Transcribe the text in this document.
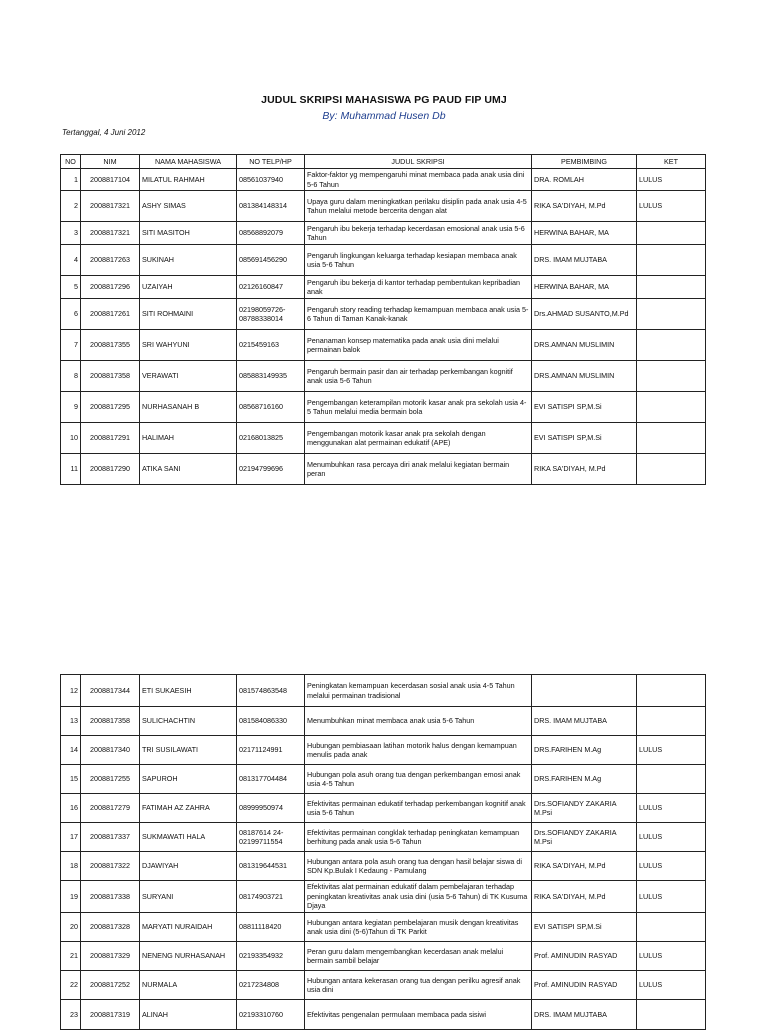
JUDUL SKRIPSI MAHASISWA PG PAUD FIP UMJ
By: Muhammad Husen Db
Tertanggal, 4 Juni 2012
NO	NIM	NAMA MAHASISWA	NO TELP/HP	JUDUL SKRIPSI	PEMBIMBING	KET
1	2008817104	MILATUL RAHMAH	08561037940	Faktor-faktor yg mempengaruhi minat membaca pada anak usia dini 5-6 Tahun	DRA. ROMLAH	LULUS
2	2008817321	ASHY SIMAS	081384148314	Upaya guru dalam meningkatkan perilaku disiplin pada anak usia 4-5 Tahun melalui metode bercerita dengan alat	RIKA SA'DIYAH, M.Pd	LULUS
3	2008817321	SITI MASITOH	08568892079	Pengaruh ibu bekerja terhadap kecerdasan emosional anak usia 5-6 Tahun	HERWINA BAHAR, MA	
4	2008817263	SUKINAH	085691456290	Pengaruh lingkungan keluarga terhadap kesiapan membaca anak usia 5-6 Tahun	DRS. IMAM MUJTABA	
5	2008817296	UZAIYAH	02126160847	Pengaruh ibu bekerja di kantor terhadap pembentukan kepribadian anak	HERWINA BAHAR, MA	
6	2008817261	SITI ROHMAINI	02198059726-08788338014	Pengaruh story reading terhadap kemampuan membaca anak usia 5-6 Tahun di Taman Kanak-kanak	Drs.AHMAD SUSANTO,M.Pd	
7	2008817355	SRI WAHYUNI	0215459163	Penanaman konsep matematika pada anak usia dini melalui permainan balok	DRS.AMNAN MUSLIMIN	
8	2008817358	VERAWATI	085883149935	Pengaruh bermain pasir dan air terhadap perkembangan kognitif anak usia 5-6 Tahun	DRS.AMNAN MUSLIMIN	
9	2008817295	NURHASANAH B	08568716160	Pengembangan keterampilan motorik kasar anak pra sekolah usia 4-5 Tahun melalui media bermain bola	EVI SATISPI SP,M.Si	
10	2008817291	HALIMAH	02168013825	Pengembangan motorik kasar anak pra sekolah dengan menggunakan alat permainan edukatif (APE)	EVI SATISPI SP,M.Si	
11	2008817290	ATIKA SANI	02194799696	Menumbuhkan rasa percaya diri anak melalui kegiatan bermain peran	RIKA SA'DIYAH, M.Pd	
12	2008817344	ETI SUKAESIH	081574863548	Peningkatan kemampuan kecerdasan sosial anak usia 4-5 Tahun melalui permainan tradisional		
13	2008817358	SULICHACHTIN	081584086330	Menumbuhkan minat membaca anak usia 5-6 Tahun	DRS. IMAM MUJTABA	
14	2008817340	TRI SUSILAWATI	02171124991	Hubungan pembiasaan latihan motorik halus dengan kemampuan menulis pada anak	DRS.FARIHEN M.Ag	LULUS
15	2008817255	SAPUROH	081317704484	Hubungan pola asuh orang tua dengan perkembangan emosi anak usia 4-5 Tahun	DRS.FARIHEN M.Ag	
16	2008817279	FATIMAH AZ ZAHRA	08999950974	Efektivitas permainan edukatif terhadap perkembangan kognitif anak usia 5-6 Tahun	Drs.SOFIANDY ZAKARIA M.Psi	LULUS
17	2008817337	SUKMAWATI HALA	08187614 24-02199711554	Efektivitas permainan congklak terhadap peningkatan kemampuan berhitung pada anak usia 5-6 Tahun	Drs.SOFIANDY ZAKARIA M.Psi	LULUS
18	2008817322	DJAWIYAH	081319644531	Hubungan antara pola asuh orang tua dengan hasil belajar siswa di SDN Kp.Bulak I Kedaung - Pamulang	RIKA SA'DIYAH, M.Pd	LULUS
19	2008817338	SURYANI	08174903721	Efektivitas alat permainan edukatif dalam pembelajaran terhadap peningkatan kreativitas anak usia dini (usia 5-6 Tahun) di TK Kusuma Djaya	RIKA SA'DIYAH, M.Pd	LULUS
20	2008817328	MARYATI NURAIDAH	08811118420	Hubungan antara kegiatan pembelajaran musik dengan kreativitas anak usia dini (5-6)Tahun di TK Parkit	EVI SATISPI SP,M.Si	
21	2008817329	NENENG NURHASANAH	02193354932	Peran guru dalam mengembangkan kecerdasan anak melalui bermain sambil belajar	Prof. AMINUDIN RASYAD	LULUS
22	2008817252	NURMALA	0217234808	Hubungan antara kekerasan orang tua dengan perilku agresif anak usia dini	Prof. AMINUDIN RASYAD	LULUS
23	2008817319	ALINAH	02193310760	Efektivitas pengenalan permulaan membaca pada sisiwi	DRS. IMAM MUJTABA	
